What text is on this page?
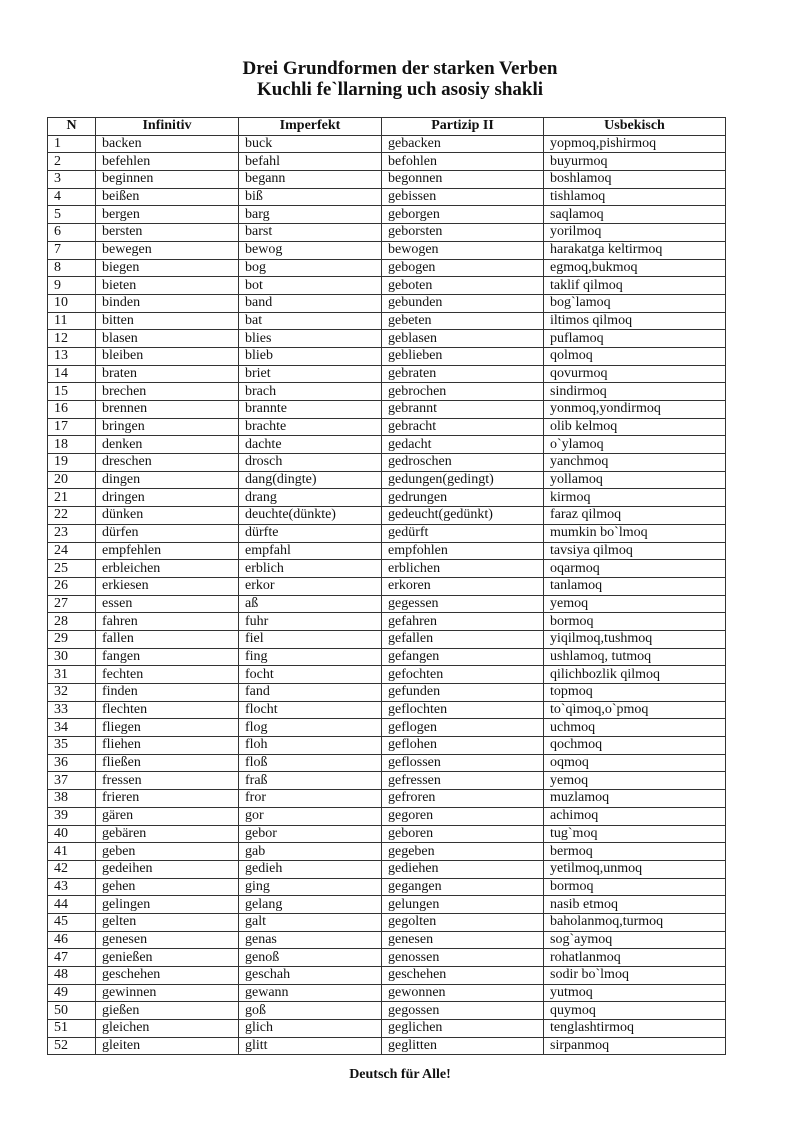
Drei Grundformen der starken Verben
Kuchli fe`llarning uch asosiy shakli
N	Infinitiv	Imperfekt	Partizip II	Usbekisch
1	backen	buck	gebacken	yopmoq,pishirmoq
2	befehlen	befahl	befohlen	buyurmoq
3	beginnen	begann	begonnen	boshlamoq
4	beißen	biß	gebissen	tishlamoq
5	bergen	barg	geborgen	saqlamoq
6	bersten	barst	geborsten	yorilmoq
7	bewegen	bewog	bewogen	harakatga keltirmoq
8	biegen	bog	gebogen	egmoq,bukmoq
9	bieten	bot	geboten	taklif qilmoq
10	binden	band	gebunden	bog`lamoq
11	bitten	bat	gebeten	iltimos qilmoq
12	blasen	blies	geblasen	puflamoq
13	bleiben	blieb	geblieben	qolmoq
14	braten	briet	gebraten	qovurmoq
15	brechen	brach	gebrochen	sindirmoq
16	brennen	brannte	gebrannt	yonmoq,yondirmoq
17	bringen	brachte	gebracht	olib kelmoq
18	denken	dachte	gedacht	o`ylamoq
19	dreschen	drosch	gedroschen	yanchmoq
20	dingen	dang(dingte)	gedungen(gedingt)	yollamoq
21	dringen	drang	gedrungen	kirmoq
22	dünken	deuchte(dünkte)	gedeucht(gedünkt)	faraz qilmoq
23	dürfen	dürfte	gedürft	mumkin bo`lmoq
24	empfehlen	empfahl	empfohlen	tavsiya qilmoq
25	erbleichen	erblich	erblichen	oqarmoq
26	erkiesen	erkor	erkoren	tanlamoq
27	essen	aß	gegessen	yemoq
28	fahren	fuhr	gefahren	bormoq
29	fallen	fiel	gefallen	yiqilmoq,tushmoq
30	fangen	fing	gefangen	ushlamoq, tutmoq
31	fechten	focht	gefochten	qilichbozlik qilmoq
32	finden	fand	gefunden	topmoq
33	flechten	flocht	geflochten	to`qimoq,o`pmoq
34	fliegen	flog	geflogen	uchmoq
35	fliehen	floh	geflohen	qochmoq
36	fließen	floß	geflossen	oqmoq
37	fressen	fraß	gefressen	yemoq
38	frieren	fror	gefroren	muzlamoq
39	gären	gor	gegoren	achimoq
40	gebären	gebor	geboren	tug`moq
41	geben	gab	gegeben	bermoq
42	gedeihen	gedieh	gediehen	yetilmoq,unmoq
43	gehen	ging	gegangen	bormoq
44	gelingen	gelang	gelungen	nasib etmoq
45	gelten	galt	gegolten	baholanmoq,turmoq
46	genesen	genas	genesen	sog`aymoq
47	genießen	genoß	genossen	rohatlanmoq
48	geschehen	geschah	geschehen	sodir bo`lmoq
49	gewinnen	gewann	gewonnen	yutmoq
50	gießen	goß	gegossen	quymoq
51	gleichen	glich	geglichen	tenglashtirmoq
52	gleiten	glitt	geglitten	sirpanmoq
Deutsch für Alle!
